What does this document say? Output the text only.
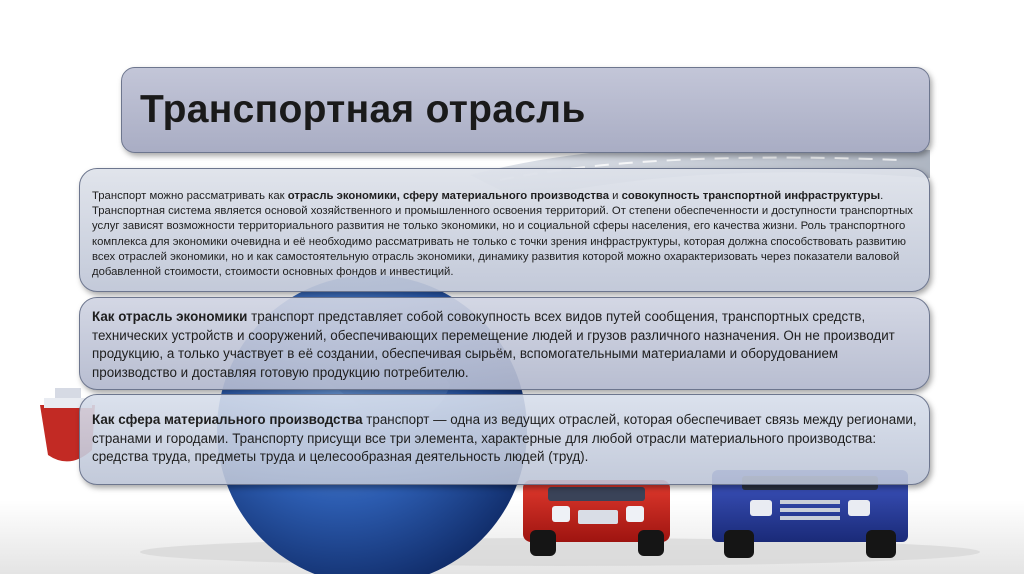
Транспортная отрасль

Транспорт можно рассматривать как отрасль экономики, сферу материального производства и совокупность транспортной инфраструктуры. Транспортная система является основой хозяйственного и промышленного освоения территорий. От степени обеспеченности и доступности транспортных услуг зависят возможности территориального развития не только экономики, но и социальной сферы населения, его качества жизни. Роль транспортного комплекса для экономики очевидна и её необходимо рассматривать не только с точки зрения инфраструктуры, которая должна способствовать развитию всех отраслей экономики, но и как самостоятельную отрасль экономики, динамику развития которой можно охарактеризовать через показатели валовой добавленной стоимости, стоимости основных фондов и инвестиций.

Как отрасль экономики транспорт представляет собой совокупность всех видов путей сообщения, транспортных средств, технических устройств и сооружений, обеспечивающих перемещение людей и грузов различного назначения. Он не производит продукцию, а только участвует в её создании, обеспечивая сырьём, вспомогательными материалами и оборудованием производство и доставляя готовую продукцию потребителю.

Как сфера материального производства транспорт — одна из ведущих отраслей, которая обеспечивает связь между регионами, странами и городами. Транспорту присущи все три элемента, характерные для любой отрасли материального производства: средства труда, предметы труда и целесообразная деятельность людей (труд).
